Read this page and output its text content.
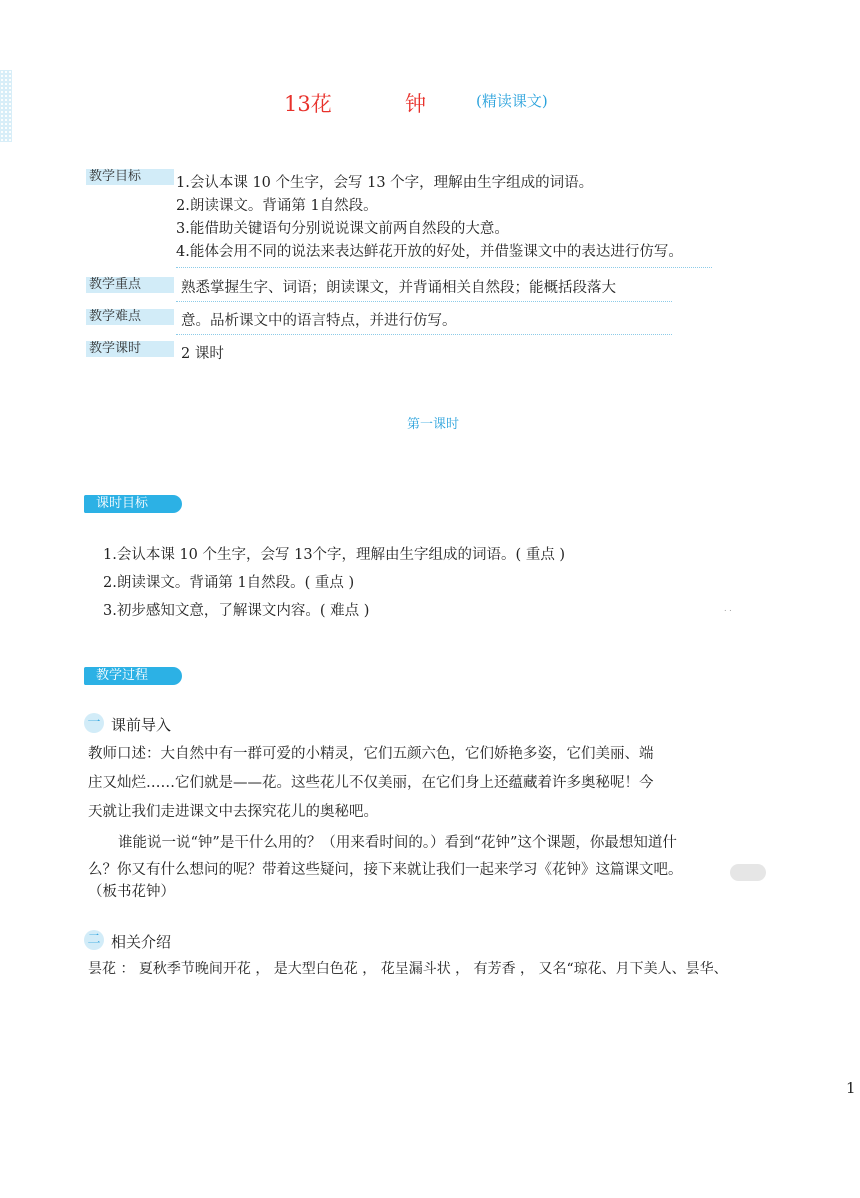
13花	钟	(精读课文)
教学目标	1.会认本课 10 个生字，会写 13 个字，理解由生字组成的词语。
2.朗读课文。背诵第 1自然段。
3.能借助关键语句分别说说课文前两自然段的大意。
4.能体会用不同的说法来表达鲜花开放的好处，并借鉴课文中的表达进行仿写。
教学重点	熟悉掌握生字、词语；朗读课文，并背诵相关自然段；能概括段落大
教学难点	意。品析课文中的语言特点，并进行仿写。
教学课时	2 课时
第一课时
课时目标
1.会认本课 10 个生字，会写 13个字，理解由生字组成的词语。( 重点 )
2.朗读课文。背诵第 1自然段。( 重点 )
3.初步感知文意，了解课文内容。( 难点 )	. .
教学过程
一 课前导入
教师口述：大自然中有一群可爱的小精灵，它们五颜六色，它们娇艳多姿，它们美丽、端
庄又灿烂……它们就是——花。这些花儿不仅美丽，在它们身上还蕴藏着许多奥秘呢！今
天就让我们走进课文中去探究花儿的奥秘吧。
谁能说一说“钟”是干什么用的？（用来看时间的。）看到“花钟”这个课题，你最想知道什
么？你又有什么想问的呢？带着这些疑问，接下来就让我们一起来学习《花钟》这篇课文吧。
（板书花钟）
二 相关介绍
昙花 ： 夏秋季节晚间开花 ， 是大型白色花 ， 花呈漏斗状 ， 有芳香 ， 又名“琼花、月下美人、昙华、
1
